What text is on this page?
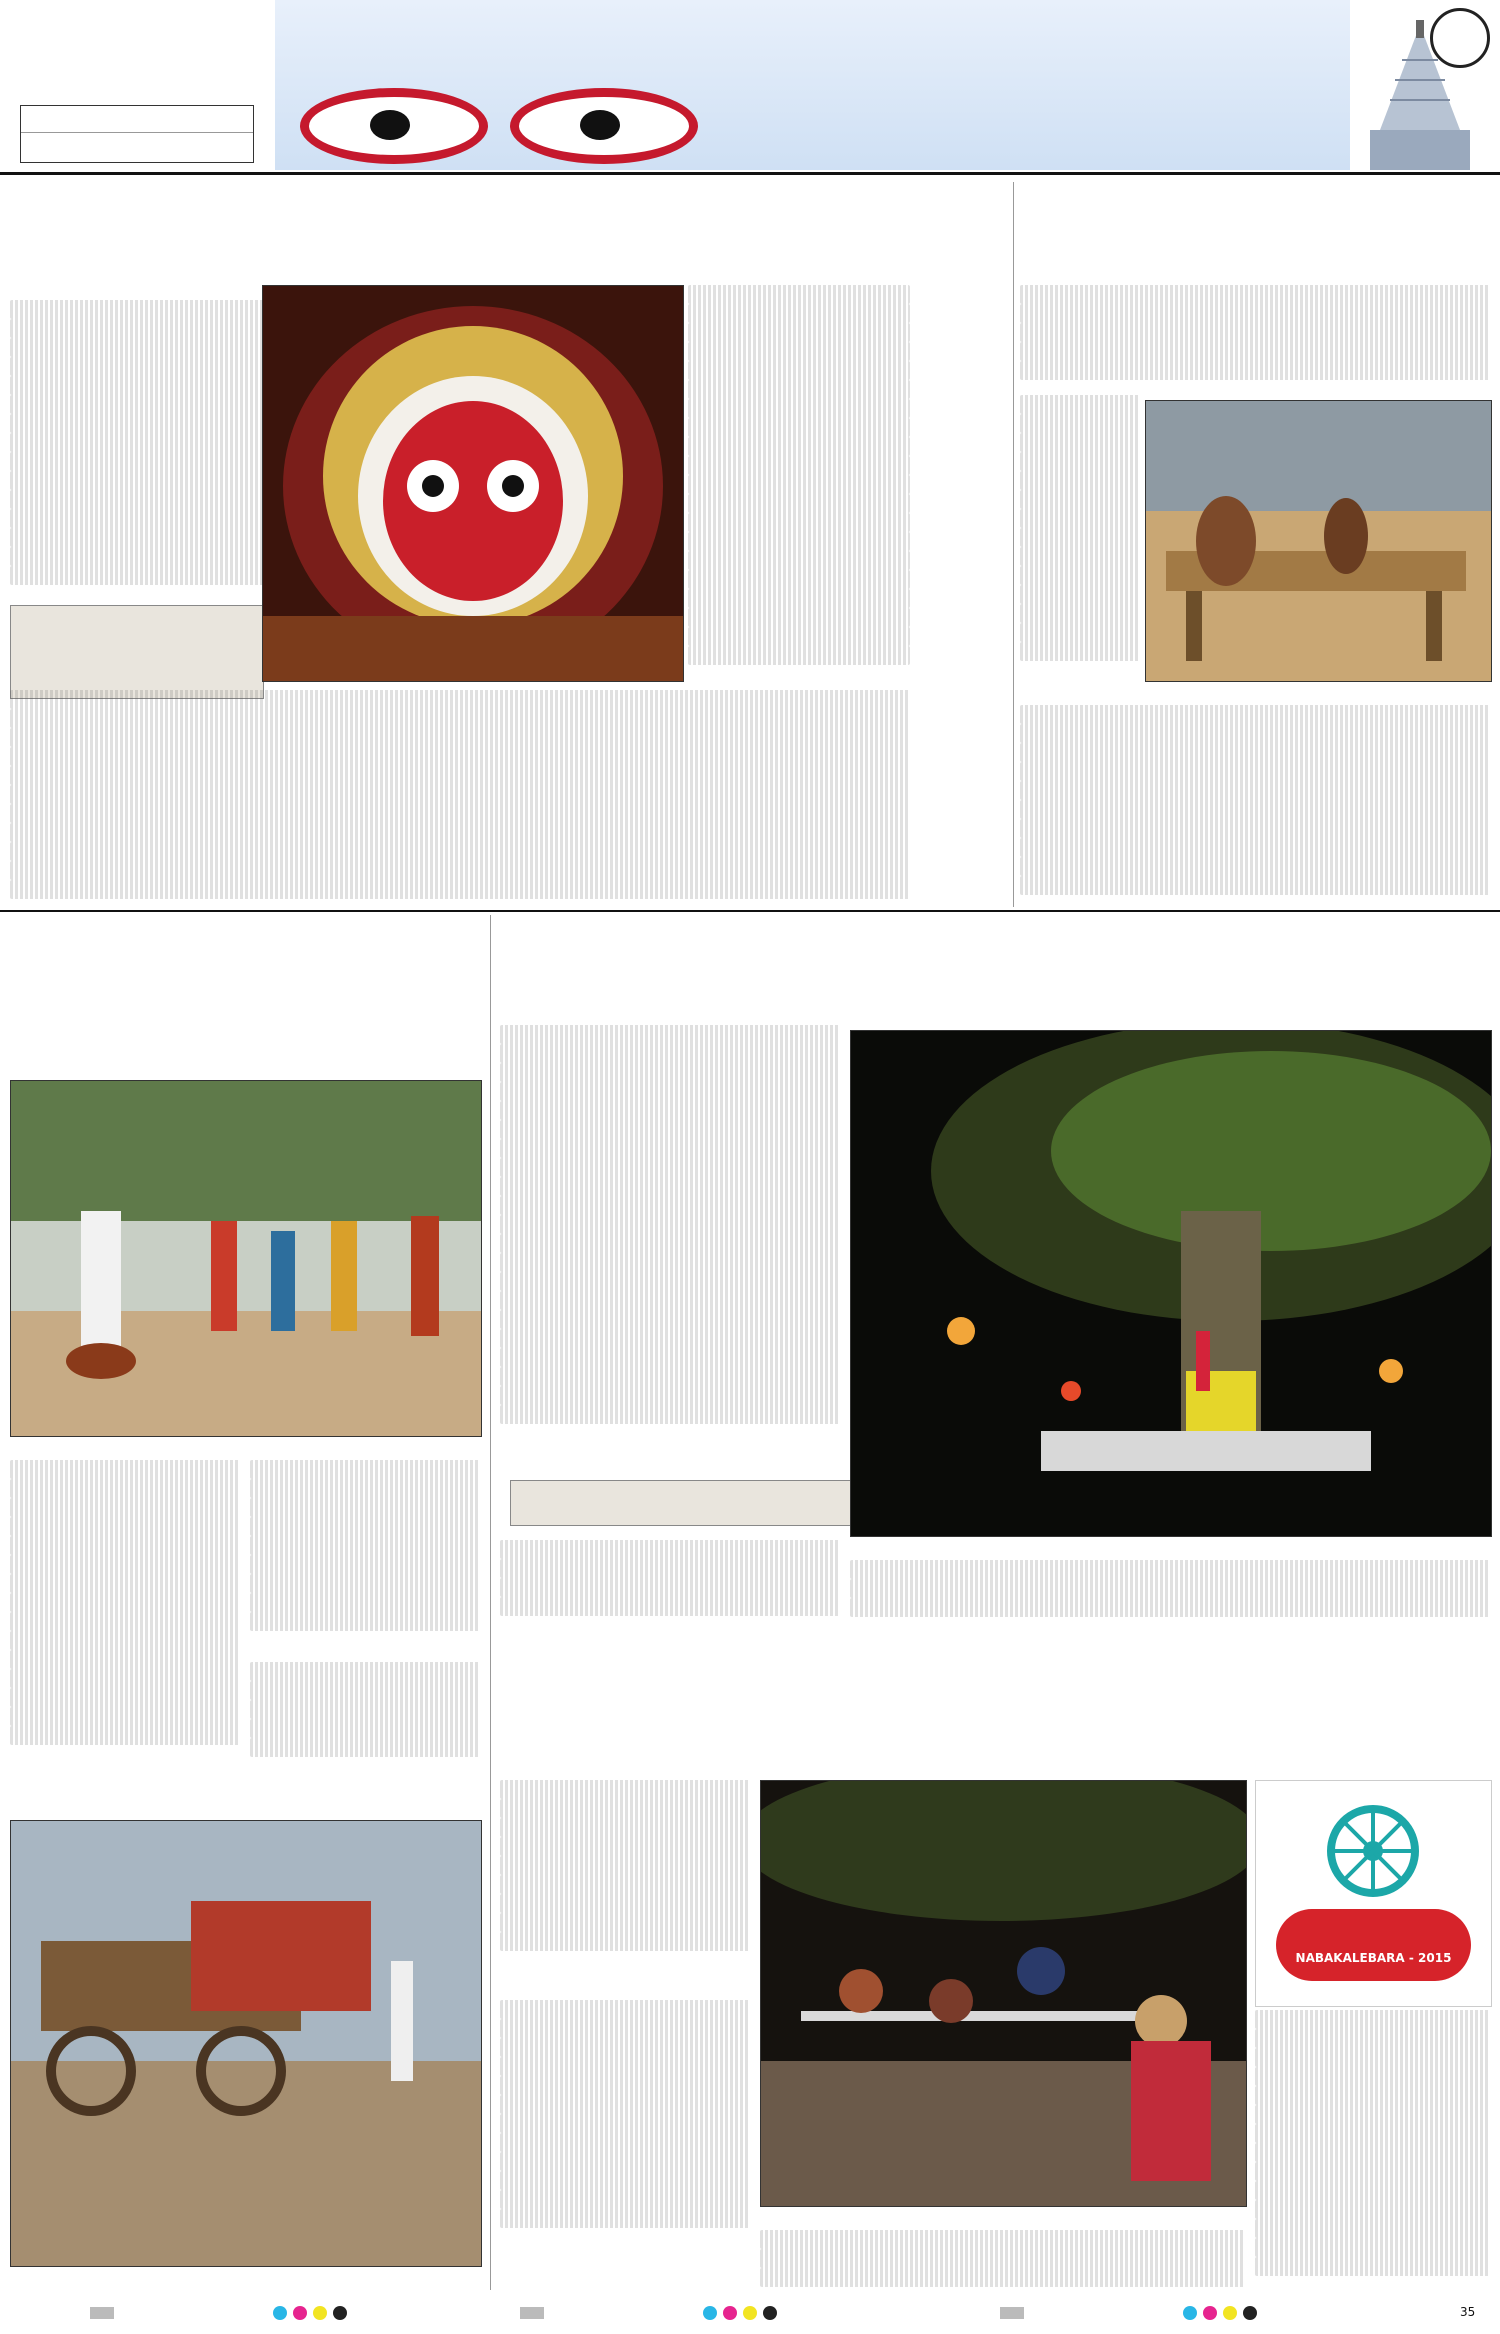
NABAKALEBARA - 2015
35
